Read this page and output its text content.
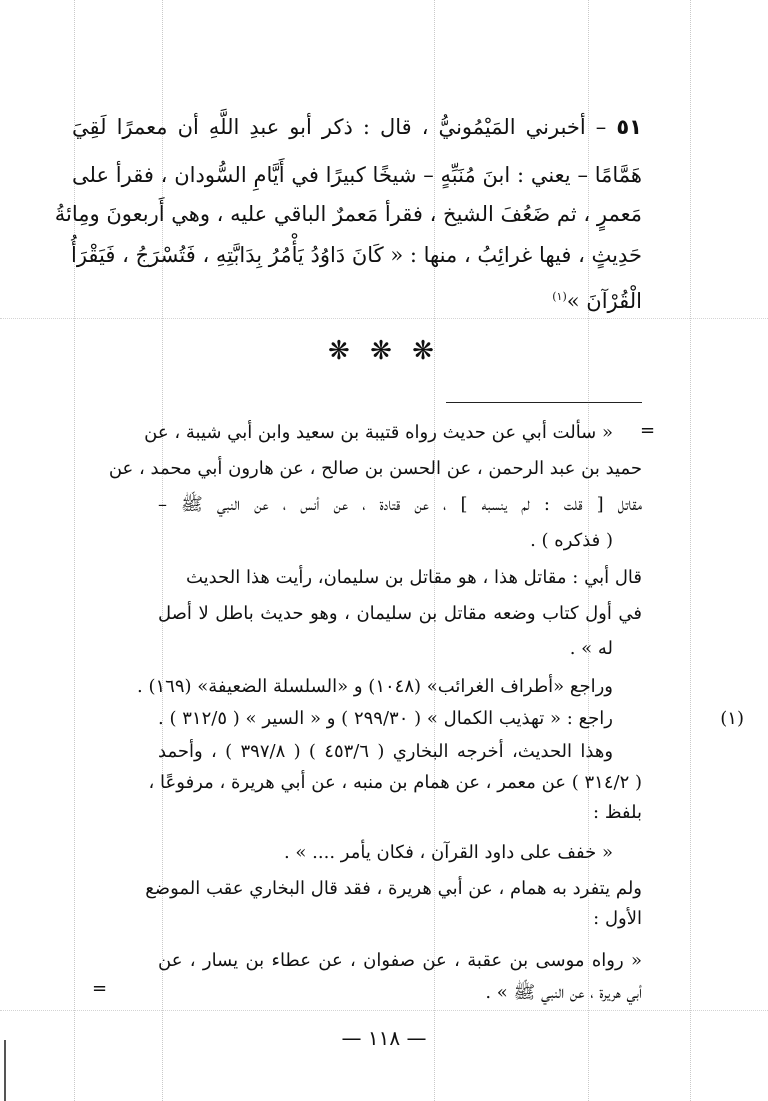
٥١ – أخبرني المَيْمُونيُّ ، قال : ذكر أبو عبدِ اللَّهِ أن معمرًا لَقِيَ
هَمَّامًا – يعني : ابنَ مُنَبِّهٍ – شيخًا كبيرًا في أَيَّامِ السُّودان ، فقرأ على
مَعمرٍ ، ثم ضَعُفَ الشيخ ، فقرأ مَعمرٌ الباقي عليه ، وهي أَربعونَ ومِائةُ
حَدِيثٍ ، فيها غرائِبُ ، منها : « كَانَ دَاوُدُ يَأْمُرُ بِدَابَّتِهِ ، فَتُسْرَجُ ، فَيَقْرَأُ
الْقُرْآنَ »$^{(١)}$
❋ ❋ ❋
=
« سألت أبي عن حديث رواه قتيبة بن سعيد وابن أبي شيبة ، عن
حميد بن عبد الرحمن ، عن الحسن بن صالح ، عن هارون أبي محمد ، عن
مقاتل [ قلت : لم ينسبه ] ، عن قتادة ، عن أنس ، عن النبي ﷺ –
( فذكره ) .
قال أبي : مقاتل هذا ، هو مقاتل بن سليمان، رأيت هذا الحديث
في أول كتاب وضعه مقاتل بن سليمان ، وهو حديث باطل لا أصل
له » .
وراجع «أطراف الغرائب» (١٠٤٨) و «السلسلة الضعيفة» (١٦٩) .
(١)
راجع : « تهذيب الكمال » ( ٢٩٩/٣٠ ) و « السير » ( ٣١٢/٥ ) .
وهذا الحديث، أخرجه البخاري ( ٤٥٣/٦ ) ( ٣٩٧/٨ ) ، وأحمد
( ٣١٤/٢ ) عن معمر ، عن همام بن منبه ، عن أبي هريرة ، مرفوعًا ،
بلفظ :
« خفف على داود القرآن ، فكان يأمر .... » .
ولم يتفرد به همام ، عن أبي هريرة ، فقد قال البخاري عقب الموضع
الأول :
« رواه موسى بن عقبة ، عن صفوان ، عن عطاء بن يسار ، عن
أبي هريرة ، عن النبي ﷺ » .
=
— ١١٨ —
